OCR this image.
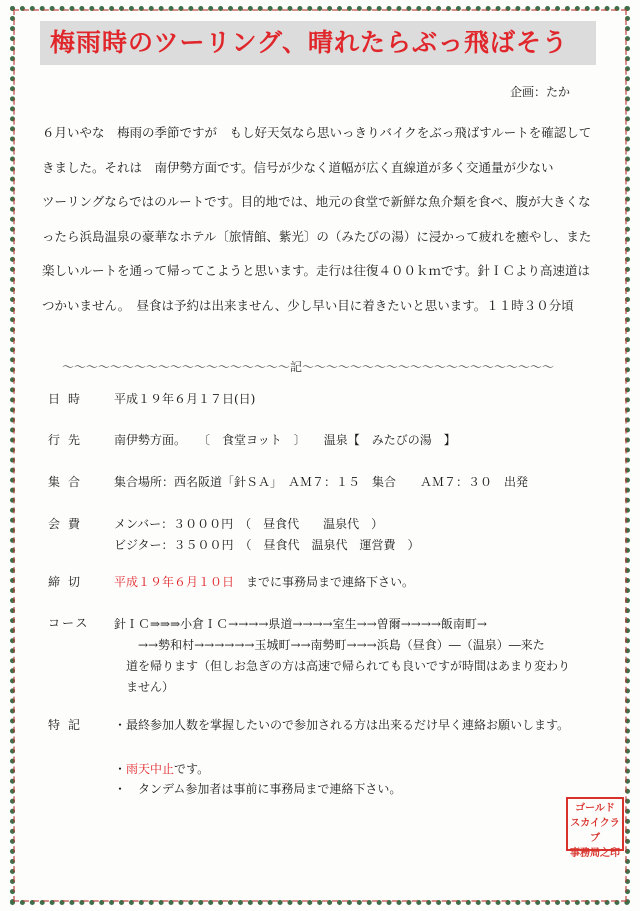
梅雨時のツーリング、晴れたらぶっ飛ばそう
企画：たか

６月いやな　梅雨の季節ですが　もし好天気なら思いっきりバイクをぶっ飛ばすルートを確認して
きました。それは　南伊勢方面です。信号が少なく道幅が広く直線道が多く交通量が少ない
ツーリングならではのルートです。目的地では、地元の食堂で新鮮な魚介類を食べ、腹が大きくな
ったら浜島温泉の豪華なホテル〔旅情館、紫光〕の（みたびの湯）に浸かって疲れを癒やし、また
楽しいルートを通って帰ってこようと思います。走行は往復４００ｋｍです。針ＩＣより高速道は
つかいません。　昼食は予約は出来ません、少し早い目に着きたいと思います。１１時３０分頃

～～～～～～～～～～～～～～～～～～～記～～～～～～～～～～～～～～～～～～～～～
日時	平成１９年６月１７日(日)
行先	南伊勢方面。　　〔　食堂ヨット　〕　　温泉【　みたびの湯　】
集合	集合場所：西名阪道「針ＳＡ」　ＡＭ７：１５　集合　　ＡＭ７：３０　出発
会費	メンバー：３０００円　（　昼食代　　温泉代　）
ビジター：３５００円　（　昼食代　温泉代　運営費　）
締切	平成１９年６月１０日　までに事務局まで連絡下さい。
コース	針ＩＣ⇒⇒⇒小倉ＩＣ→→→→県道→→→→室生→→曽爾→→→→飯南町→
　　→→勢和村→→→→→→玉城町→→南勢町→→→浜島（昼食）―（温泉）―来た
　道を帰ります（但しお急ぎの方は高速で帰られても良いですが時間はあまり変わり
　ません）
特記	・最終参加人数を掌握したいので参加される方は出来るだけ早く連絡お願いします。
・雨天中止です。
・　タンデム参加者は事前に事務局まで連絡下さい。
ゴールド
スカイクラブ
事務局之印
